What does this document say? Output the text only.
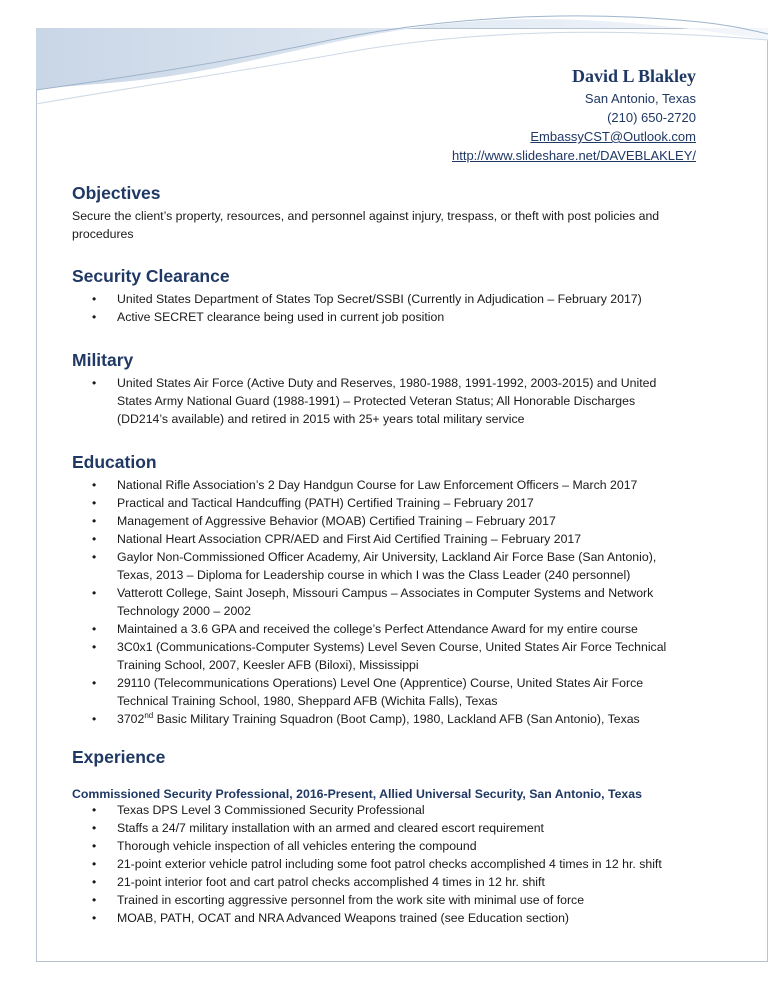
David L Blakley
San Antonio, Texas
(210) 650-2720
EmbassyCST@Outlook.com
http://www.slideshare.net/DAVEBLAKLEY/
Objectives
Secure the client’s property, resources, and personnel against injury, trespass, or theft with post policies and procedures
Security Clearance
• United States Department of States Top Secret/SSBI (Currently in Adjudication – February 2017)
• Active SECRET clearance being used in current job position
Military
• United States Air Force (Active Duty and Reserves, 1980-1988, 1991-1992, 2003-2015) and United States Army National Guard (1988-1991) – Protected Veteran Status; All Honorable Discharges (DD214’s available) and retired in 2015 with 25+ years total military service
Education
• National Rifle Association’s 2 Day Handgun Course for Law Enforcement Officers – March 2017
• Practical and Tactical Handcuffing (PATH) Certified Training – February 2017
• Management of Aggressive Behavior (MOAB) Certified Training – February 2017
• National Heart Association CPR/AED and First Aid Certified Training – February 2017
• Gaylor Non-Commissioned Officer Academy, Air University, Lackland Air Force Base (San Antonio), Texas, 2013 – Diploma for Leadership course in which I was the Class Leader (240 personnel)
• Vatterott College, Saint Joseph, Missouri Campus – Associates in Computer Systems and Network Technology 2000 – 2002
• Maintained a 3.6 GPA and received the college’s Perfect Attendance Award for my entire course
• 3C0x1 (Communications-Computer Systems) Level Seven Course, United States Air Force Technical Training School, 2007, Keesler AFB (Biloxi), Mississippi
• 29110 (Telecommunications Operations) Level One (Apprentice) Course, United States Air Force Technical Training School, 1980, Sheppard AFB (Wichita Falls), Texas
• 3702nd Basic Military Training Squadron (Boot Camp), 1980, Lackland AFB (San Antonio), Texas
Experience
Commissioned Security Professional, 2016-Present, Allied Universal Security, San Antonio, Texas
• Texas DPS Level 3 Commissioned Security Professional
• Staffs a 24/7 military installation with an armed and cleared escort requirement
• Thorough vehicle inspection of all vehicles entering the compound
• 21-point exterior vehicle patrol including some foot patrol checks accomplished 4 times in 12 hr. shift
• 21-point interior foot and cart patrol checks accomplished 4 times in 12 hr. shift
• Trained in escorting aggressive personnel from the work site with minimal use of force
• MOAB, PATH, OCAT and NRA Advanced Weapons trained (see Education section)
